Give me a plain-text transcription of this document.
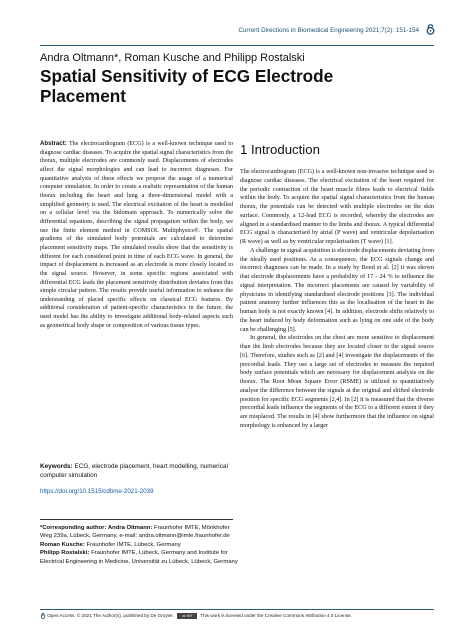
Current Directions in Biomedical Engineering 2021;7(2): 151-154
Andra Oltmann*, Roman Kusche and Philipp Rostalski
Spatial Sensitivity of ECG Electrode Placement
Abstract: The electrocardiogram (ECG) is a well-known technique used to diagnose cardiac diseases. To acquire the spatial signal characteristics from the thorax, multiple electrodes are commonly used. Displacements of electrodes affect the signal morphologies and can lead to incorrect diagnoses. For quantitative analysis of these effects we propose the usage of a numerical computer simulation. In order to create a realistic representation of the human thorax including the heart and lung a three-dimensional model with a simplified geometry is used. The electrical excitation of the heart is modelled on a cellular level via the bidomain approach. To numerically solve the differential equations, describing the signal propagation within the body, we use the finite element method in COMSOL Multiphysics®. The spatial gradients of the simulated body potentials are calculated to determine placement sensitivity maps. The simulated results show that the sensitivity is different for each considered point in time of each ECG wave. In general, the impact of displacement is increased as an electrode is more closely located to the signal source. However, in some specific regions associated with differential ECG leads the placement sensitivity distribution deviates from this simple circular pattern. The results provide useful information to enhance the understanding of placed specific effects on classical ECG features. By additional consideration of patient-specific characteristics in the future, the used model has the ability to investigate additional body-related aspects such as geometrical body shape or composition of various tissue types.
Keywords: ECG, electrode placement, heart modelling, numerical computer simulation
https://doi.org/10.1515/cdbme-2021-2039

*Corresponding author: Andra Oltmann: Fraunhofer IMTE, Mönkhofer Weg 239a, Lübeck, Germany, e-mail: andra.oltmann@imte.fraunhofer.de

Roman Kusche: Fraunhofer IMTE, Lübeck, Germany

Philipp Rostalski: Fraunhofer IMTE, Lübeck, Germany and Institute for Electrical Engineering in Medicine, Universität zu Lübeck, Lübeck, Germany

1 Introduction

The electrocardiogram (ECG) is a well-known non-invasive technique used to diagnose cardiac diseases. The electrical excitation of the heart required for the periodic contraction of the heart muscle fibres leads to electrical fields within the body. To acquire the spatial signal characteristics from the human thorax, the potentials can be detected with multiple electrodes on the skin surface. Commonly, a 12-lead ECG is recorded, whereby the electrodes are aligned in a standardised manner to the limbs and thorax. A typical differential ECG signal is characterised by atrial (P wave) and ventricular depolarisation (R wave) as well as by ventricular repolarisation (T wave) [1].

A challenge in signal acquisition is electrode displacements deviating from the ideally used positions. As a consequence, the ECG signals change and incorrect diagnoses can be made. In a study by Bond et al. [2] it was shown that electrode displacements have a probability of 17 - 24 % to influence the signal interpretation. The incorrect placements are caused by variability of physicians in identifying standardised electrode positions [3]. The individual patient anatomy further influences this as the localisation of the heart in the human body is not exactly known [4]. In addition, electrode shifts relatively to the heart induced by body deformation such as lying on one side of the body can be challenging [5].

In general, the electrodes on the chest are more sensitive to displacement than the limb electrodes because they are located closer to the signal source [6]. Therefore, studies such as [2] and [4] investigate the displacements of the precordial leads. They use a large set of electrodes to measure the required body surface potentials which are necessary for displacement analysis on the thorax. The Root Mean Square Error (RSME) is utilized to quantitatively analyse the difference between the signals at the original and shifted electrode position for specific ECG segments [2,4]. In [2] it is measured that the diverse precordial leads influence the segments of the ECG to a different extent if they are misplaced. The results in [4] show furthermore that the influence on signal morphology is enhanced by a larger

Open Access. © 2021 The Author(s), published by De Gruyter. cc BY This work is licensed under the Creative Commons Attribution 4.0 License.
